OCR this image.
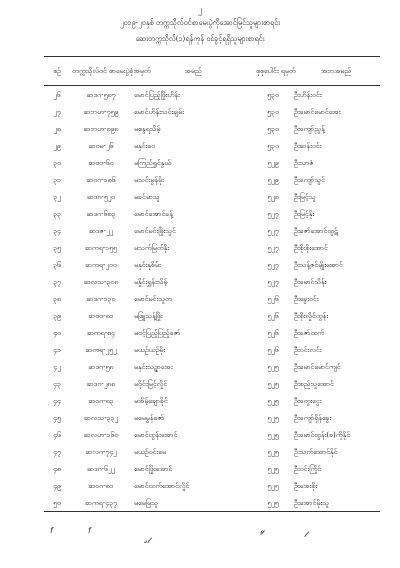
၂
၂၀၁၉-၂၀နှစ် တက္ကသိုလ်ဝင်စာမေးပွဲကိုအောင်မြင်သူများစာရင်း
ဆေးတက္ကသိုလ်(၁)ရန်ကုန် ဝင်ခွင့်ရရှိသူများစာရင်း
စဉ်	တက္ကသိုလ်ဝင် စာမေးပွဲခုံအမှတ်	အမည်	စုစုပေါင်း ရမှတ်	အဘအမည်
၂၆	ဆဒဂ-၅၈၇	မောင်ပြည့်ဖြိုးဟိန်း	၅၃၀	ဦးဟိန်းဝင်း
၂၇	ဆဘဟ-၇၅၉	မောင်ဟိန်းသင်းချမ်း	၅၃၀	ဦးမောင်မောင်အေး
၂၈	ဆဘဟ-၈၉၈	မစန္ဒရသိမ့်	၅၃၀	ဦးကျော်ညွန့်
၂၉	ဆဝမ-၂၆	မနှင်းဝေ	၅၃၀	ဦးဆန်းဝင်း
၃၀	ဆဗဗ-၆၀	မကြည်ရွှင်နွယ်	၅၂၉	ဦးသာဇံ
၃၁	ဆဝဂ-၁၈၆	မသင်းမွန်မိုး	၅၂၉	ဦးကျော်သွင်
၃၂	ဆဒဂ-၅၂၀	မခင်မာသူ	၅၂၈	ဦးမြင့်သူ
၃၃	ဆဒဂ-၆၈၃	မောင်အောင်ခန့်	၅၂၇	ဦးမြင့်နိုး
၃၄	ဆဒဇ-၂၂	မောင်မင်းဖြိုးသွင်	၅၂၇	ဦးဇော်အောင်ထွဋ်
၃၅	ဆကရ-၁၅၅	မသက်မြတ်နိုး	၅၂၇	ဦးစိုးစိုးအောင်
၃၆	ဆကရ-၂၀၀	မနှင်းနုစိမ်း	၅၂၇	ဦးသန့်ဇင်မျိုးအောင်
၃၇	ဆလသ-၃၀၈	မနှိုင်းရွှန်းသိမ့်	၅၂၇	ဦးမောင်သိန်း
၃၈	ဆဒဂ-၁၃၀	မောင်မင်းသူတ	၅၂၆	ဦးခွေးဝင်း
၃၉	ဆဗဗ-၈၁	မဖြူသန့်ဖြိုး	၅၂၆	ဦးစိုးလှိုင်ထွန်း
၄၀	ဆကရ-၈၄	မဝင့်ပြည့်ပြည့်ဇော်	၅၂၆	ဦးဇော်ထက်
၄၁	ဆကရ-၂၅၂	မယဉ်ယဉ်မိုး	၅၂၆	ဦးဝင်းလင်း
၄၂	ဆဒဂ-၅၈	မနှင်းသဉ္ဇာအေး	၅၂၅	ဦးမောင်မောင်ကျင်
၄၃	ဆဒဂ-၂၈၈	မဝိုင်းမြင့်လှိုင်	၅၂၅	ဦးစည်သူအောင်
၄၄	ဆဝဂ-၈၃	မအိမ့်ချောခိုင်	၅၂၅	ဦးတွေးငွေး
၄၅	ဆလသ-၃၃၂	မမေမွန်ဇော်	၅၂၅	ဦးကျော်ရှိန်ခွေး
၄၆	ဆလဟ-၁၆၀	မောင်ထွန်းအောင်	၅၂၅	ဦးမောင်ထွန်း(ခ)ကိုနိုင်
၄၇	ဆလဂ-၇၄၂	မယဉ်ဝင်းမေ	၅၂၅	ဦးသက်အောင်နိုင်
၄၈	ဆဒဂ-၆၂၂	မောင်ဖြိုးအောင်	၅၂၅	ဦးဝင်းကြိုင်
၄၉	ဆဝဂ-၈၁	မောင်ထက်အောင်လှိုင်	၅၂၅	ဦးအေးစိုး
၅၀	ဆကရ-၄၃၇	မမေမြသူ	၅၂၅	ဦးအောင်မိုးသူ
f	f
𝓈𝓁
𝓎	𝓁
